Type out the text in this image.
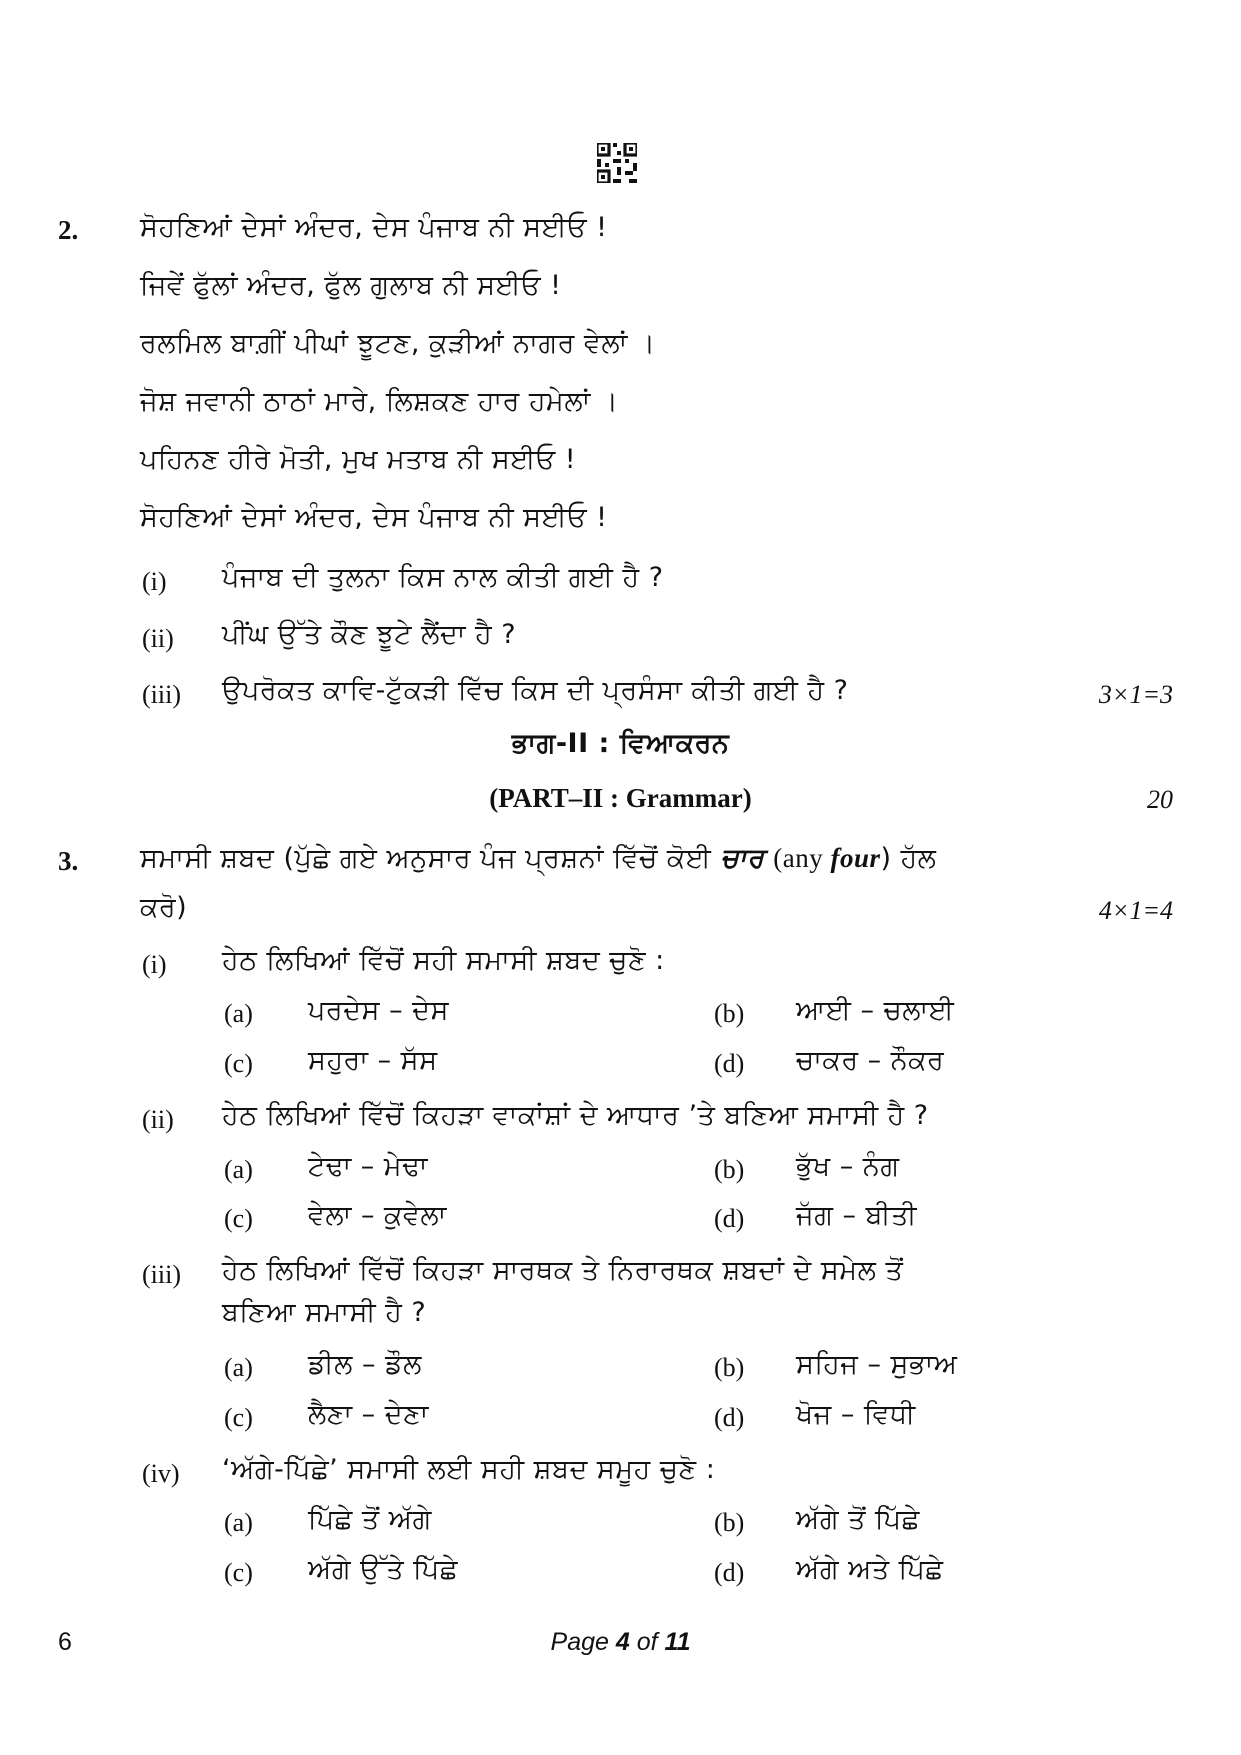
2. ਸੋਹਣਿਆਂ ਦੇਸਾਂ ਅੰਦਰ, ਦੇਸ ਪੰਜਾਬ ਨੀ ਸਈਓ !
ਜਿਵੇਂ ਫੁੱਲਾਂ ਅੰਦਰ, ਫੁੱਲ ਗੁਲਾਬ ਨੀ ਸਈਓ !
ਰਲਮਿਲ ਬਾਗ਼ੀਂ ਪੀਘਾਂ ਝੂਟਣ, ਕੁੜੀਆਂ ਨਾਗਰ ਵੇਲਾਂ ।
ਜੋਸ਼ ਜਵਾਨੀ ਠਾਠਾਂ ਮਾਰੇ, ਲਿਸ਼ਕਣ ਹਾਰ ਹਮੇਲਾਂ ।
ਪਹਿਨਣ ਹੀਰੇ ਮੋਤੀ, ਮੁਖ ਮਤਾਬ ਨੀ ਸਈਓ !
ਸੋਹਣਿਆਂ ਦੇਸਾਂ ਅੰਦਰ, ਦੇਸ ਪੰਜਾਬ ਨੀ ਸਈਓ !
(i) ਪੰਜਾਬ ਦੀ ਤੁਲਨਾ ਕਿਸ ਨਾਲ ਕੀਤੀ ਗਈ ਹੈ ?
(ii) ਪੀਂਘ ਉੱਤੇ ਕੌਣ ਝੂਟੇ ਲੈਂਦਾ ਹੈ ?
(iii) ਉਪਰੋਕਤ ਕਾਵਿ-ਟੁੱਕੜੀ ਵਿੱਚ ਕਿਸ ਦੀ ਪ੍ਰਸੰਸਾ ਕੀਤੀ ਗਈ ਹੈ ?	3×1=3
ਭਾਗ-II : ਵਿਆਕਰਨ
(PART–II : Grammar)	20
3. ਸਮਾਸੀ ਸ਼ਬਦ (ਪੁੱਛੇ ਗਏ ਅਨੁਸਾਰ ਪੰਜ ਪ੍ਰਸ਼ਨਾਂ ਵਿੱਚੋਂ ਕੋਈ ਚਾਰ (any four) ਹੱਲ
ਕਰੋ)	4×1=4
(i) ਹੇਠ ਲਿਖਿਆਂ ਵਿੱਚੋਂ ਸਹੀ ਸਮਾਸੀ ਸ਼ਬਦ ਚੁਣੋ :
(a) ਪਰਦੇਸ – ਦੇਸ	(b) ਆਈ – ਚਲਾਈ
(c) ਸਹੁਰਾ – ਸੱਸ	(d) ਚਾਕਰ – ਨੌਕਰ
(ii) ਹੇਠ ਲਿਖਿਆਂ ਵਿੱਚੋਂ ਕਿਹੜਾ ਵਾਕਾਂਸ਼ਾਂ ਦੇ ਆਧਾਰ ’ਤੇ ਬਣਿਆ ਸਮਾਸੀ ਹੈ ?
(a) ਟੇਢਾ – ਮੇਢਾ	(b) ਭੁੱਖ – ਨੰਗ
(c) ਵੇਲਾ – ਕੁਵੇਲਾ	(d) ਜੱਗ – ਬੀਤੀ
(iii) ਹੇਠ ਲਿਖਿਆਂ ਵਿੱਚੋਂ ਕਿਹੜਾ ਸਾਰਥਕ ਤੇ ਨਿਰਾਰਥਕ ਸ਼ਬਦਾਂ ਦੇ ਸਮੇਲ ਤੋਂ
ਬਣਿਆ ਸਮਾਸੀ ਹੈ ?
(a) ਡੀਲ – ਡੌਲ	(b) ਸਹਿਜ – ਸੁਭਾਅ
(c) ਲੈਣਾ – ਦੇਣਾ	(d) ਖੋਜ – ਵਿਧੀ
(iv) ‘ਅੱਗੇ-ਪਿੱਛੇ’ ਸਮਾਸੀ ਲਈ ਸਹੀ ਸ਼ਬਦ ਸਮੂਹ ਚੁਣੋ :
(a) ਪਿੱਛੇ ਤੋਂ ਅੱਗੇ	(b) ਅੱਗੇ ਤੋਂ ਪਿੱਛੇ
(c) ਅੱਗੇ ਉੱਤੇ ਪਿੱਛੇ	(d) ਅੱਗੇ ਅਤੇ ਪਿੱਛੇ
6	Page 4 of 11
